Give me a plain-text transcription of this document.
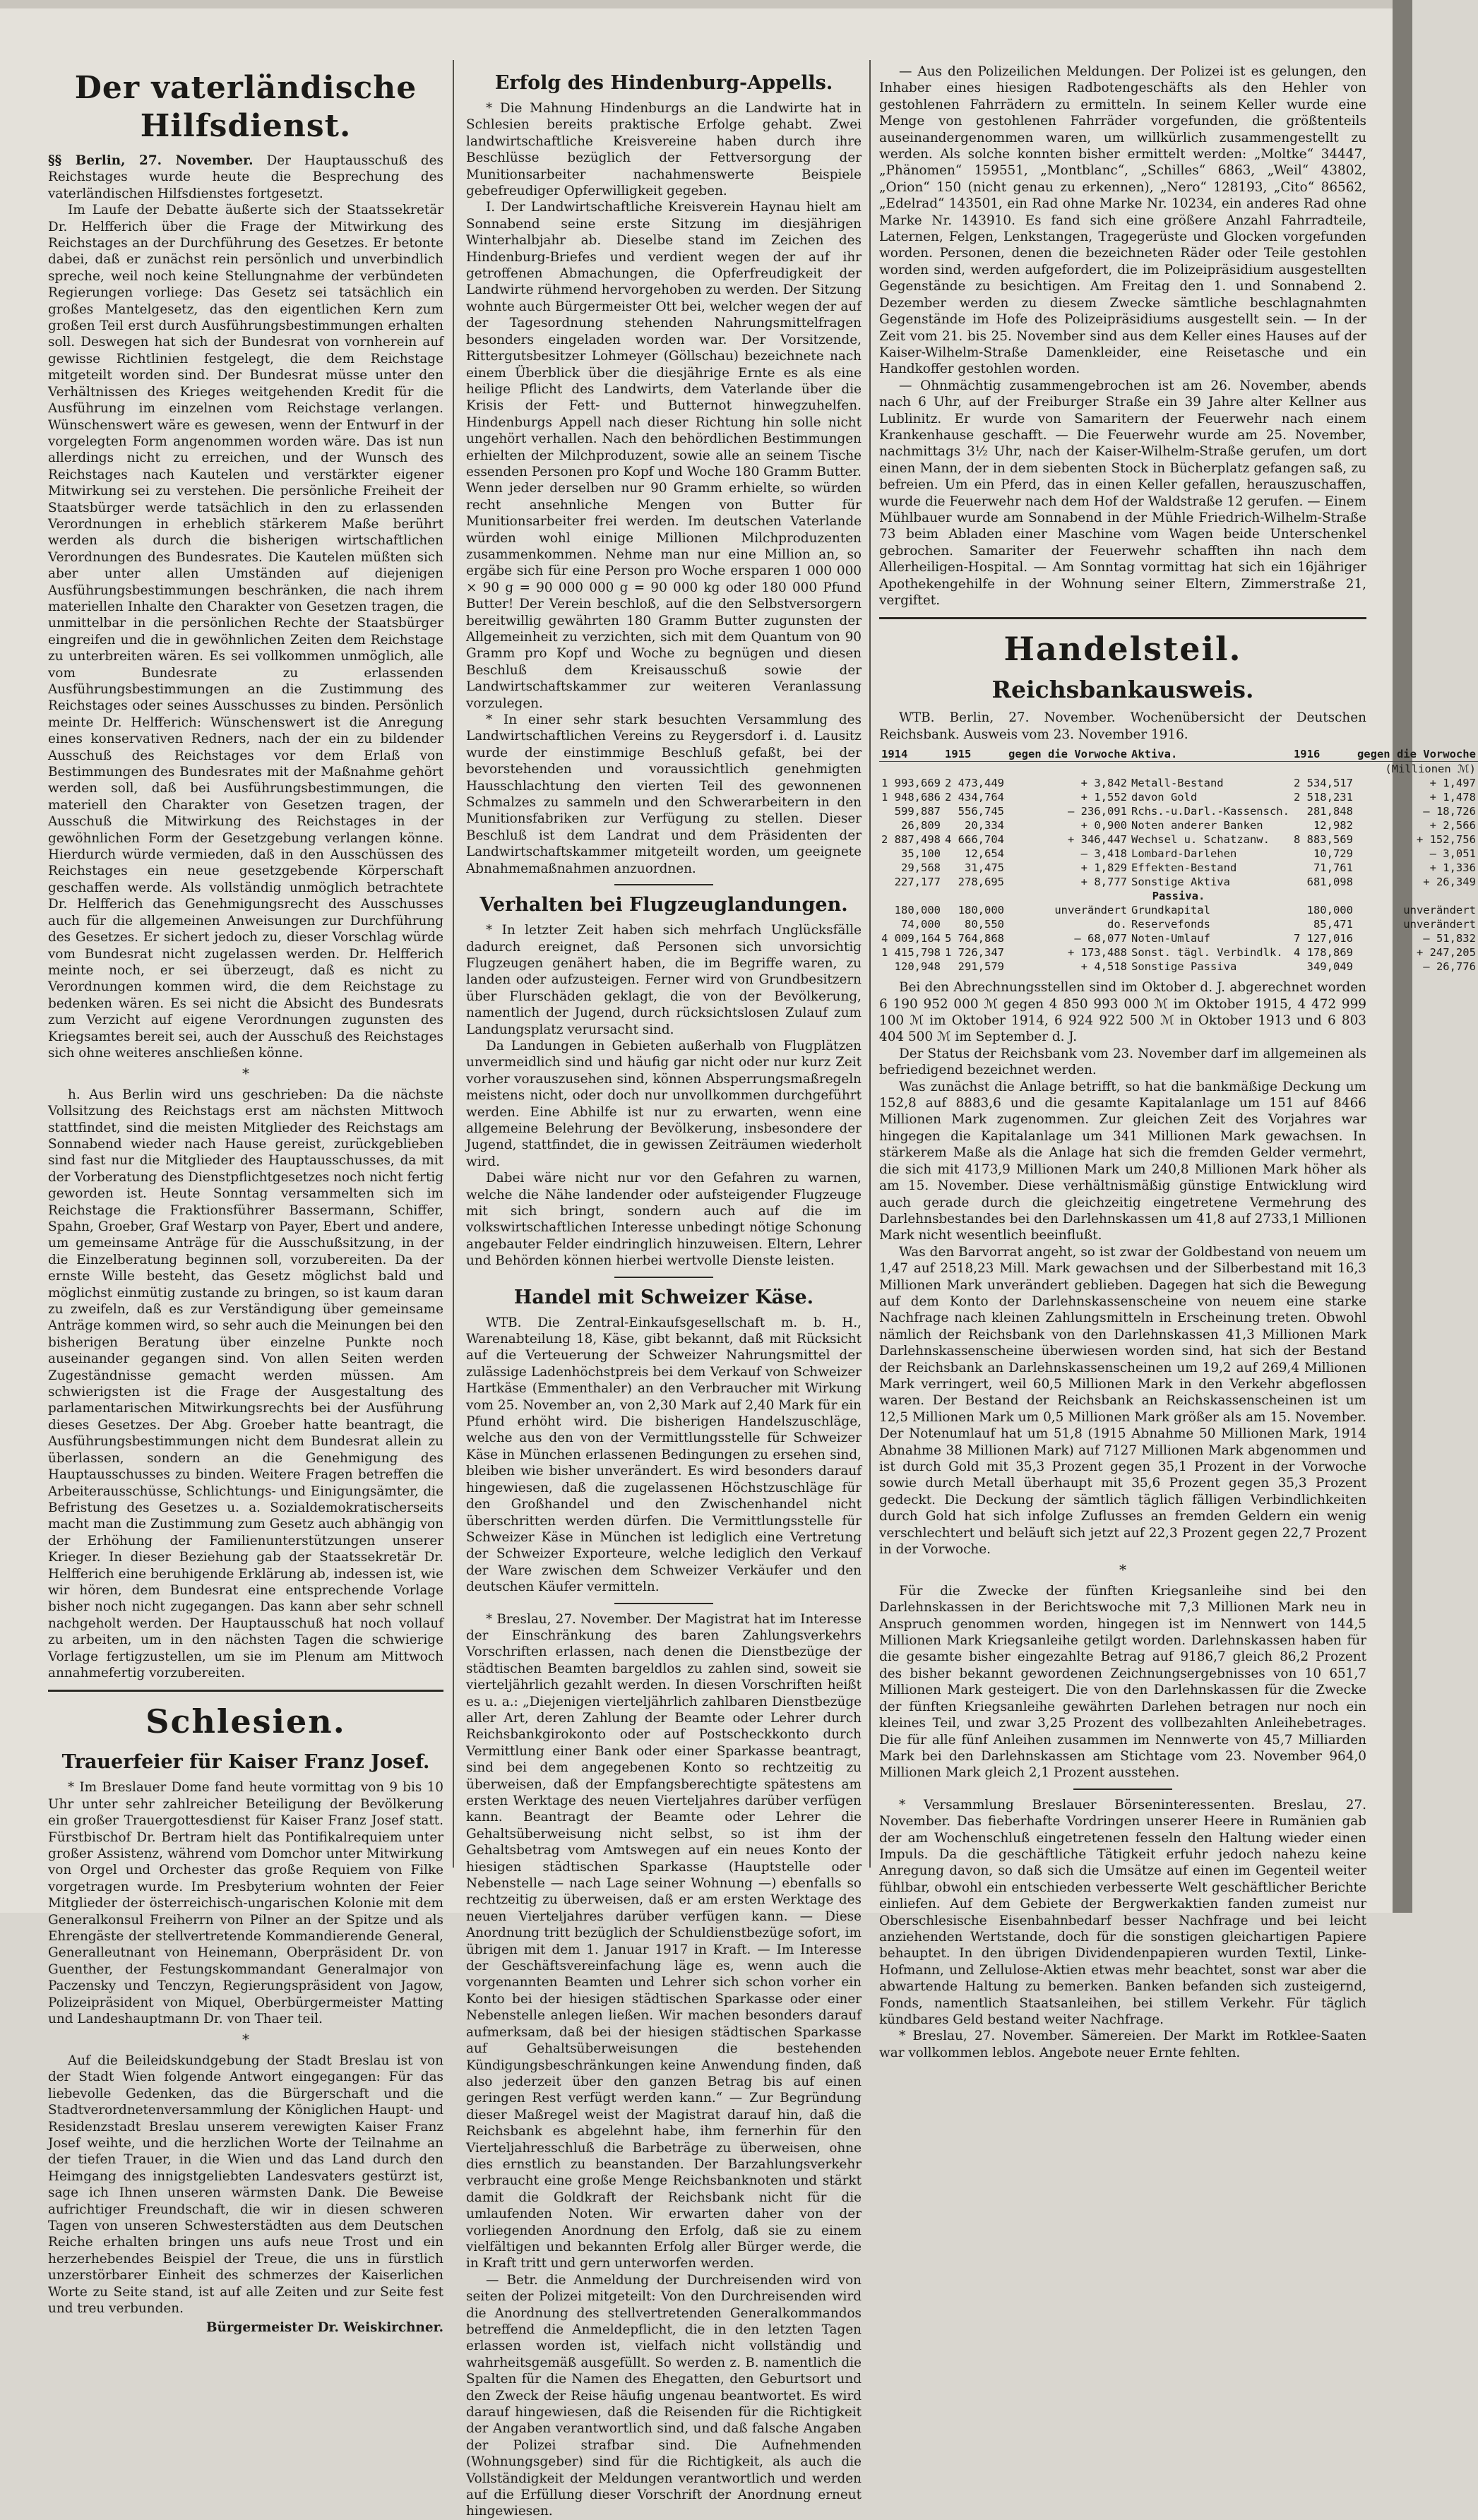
Der vaterländische Hilfsdienst.

§§ Berlin, 27. November. Der Hauptausschuß des Reichstages wurde heute die Besprechung des vaterländischen Hilfsdienstes fortgesetzt.

Im Laufe der Debatte äußerte sich der Staatssekretär Dr. Helfferich über die Frage der Mitwirkung des Reichstages an der Durchführung des Gesetzes. Er betonte dabei, daß er zunächst rein persönlich und unverbindlich spreche, weil noch keine Stellungnahme der verbündeten Regierungen vorliege: Das Gesetz sei tatsächlich ein großes Mantelgesetz, das den eigentlichen Kern zum großen Teil erst durch Ausführungsbestimmungen erhalten soll. Deswegen hat sich der Bundesrat von vornherein auf gewisse Richtlinien festgelegt, die dem Reichstage mitgeteilt worden sind. Der Bundesrat müsse unter den Verhältnissen des Krieges weitgehenden Kredit für die Ausführung im einzelnen vom Reichstage verlangen. Wünschenswert wäre es gewesen, wenn der Entwurf in der vorgelegten Form angenommen worden wäre. Das ist nun allerdings nicht zu erreichen, und der Wunsch des Reichstages nach Kautelen und verstärkter eigener Mitwirkung sei zu verstehen. Die persönliche Freiheit der Staatsbürger werde tatsächlich in den zu erlassenden Verordnungen in erheblich stärkerem Maße berührt werden als durch die bisherigen wirtschaftlichen Verordnungen des Bundesrates. Die Kautelen müßten sich aber unter allen Umständen auf diejenigen Ausführungsbestimmungen beschränken, die nach ihrem materiellen Inhalte den Charakter von Gesetzen tragen, die unmittelbar in die persönlichen Rechte der Staatsbürger eingreifen und die in gewöhnlichen Zeiten dem Reichstage zu unterbreiten wären. Es sei vollkommen unmöglich, alle vom Bundesrate zu erlassenden Ausführungsbestimmungen an die Zustimmung des Reichstages oder seines Ausschusses zu binden. Persönlich meinte Dr. Helfferich: Wünschenswert ist die Anregung eines konservativen Redners, nach der ein zu bildender Ausschuß des Reichstages vor dem Erlaß von Bestimmungen des Bundesrates mit der Maßnahme gehört werden soll, daß bei Ausführungsbestimmungen, die materiell den Charakter von Gesetzen tragen, der Ausschuß die Mitwirkung des Reichstages in der gewöhnlichen Form der Gesetzgebung verlangen könne. Hierdurch würde vermieden, daß in den Ausschüssen des Reichstages ein neue gesetzgebende Körperschaft geschaffen werde. Als vollständig unmöglich betrachtete Dr. Helfferich das Genehmigungsrecht des Ausschusses auch für die allgemeinen Anweisungen zur Durchführung des Gesetzes. Er sichert jedoch zu, dieser Vorschlag würde vom Bundesrat nicht zugelassen werden. Dr. Helfferich meinte noch, er sei überzeugt, daß es nicht zu Verordnungen kommen wird, die dem Reichstage zu bedenken wären. Es sei nicht die Absicht des Bundesrats zum Verzicht auf eigene Verordnungen zugunsten des Kriegsamtes bereit sei, auch der Ausschuß des Reichstages sich ohne weiteres anschließen könne.

*

h. Aus Berlin wird uns geschrieben: Da die nächste Vollsitzung des Reichstags erst am nächsten Mittwoch stattfindet, sind die meisten Mitglieder des Reichstags am Sonnabend wieder nach Hause gereist, zurückgeblieben sind fast nur die Mitglieder des Hauptausschusses, da mit der Vorberatung des Dienstpflichtgesetzes noch nicht fertig geworden ist. Heute Sonntag versammelten sich im Reichstage die Fraktionsführer Bassermann, Schiffer, Spahn, Groeber, Graf Westarp von Payer, Ebert und andere, um gemeinsame Anträge für die Ausschußsitzung, in der die Einzelberatung beginnen soll, vorzubereiten. Da der ernste Wille besteht, das Gesetz möglichst bald und möglichst einmütig zustande zu bringen, so ist kaum daran zu zweifeln, daß es zur Verständigung über gemeinsame Anträge kommen wird, so sehr auch die Meinungen bei den bisherigen Beratung über einzelne Punkte noch auseinander gegangen sind. Von allen Seiten werden Zugeständnisse gemacht werden müssen. Am schwierigsten ist die Frage der Ausgestaltung des parlamentarischen Mitwirkungsrechts bei der Ausführung dieses Gesetzes. Der Abg. Groeber hatte beantragt, die Ausführungsbestimmungen nicht dem Bundesrat allein zu überlassen, sondern an die Genehmigung des Hauptausschusses zu binden. Weitere Fragen betreffen die Arbeiterausschüsse, Schlichtungs- und Einigungsämter, die Befristung des Gesetzes u. a. Sozialdemokratischerseits macht man die Zustimmung zum Gesetz auch abhängig von der Erhöhung der Familienunterstützungen unserer Krieger. In dieser Beziehung gab der Staatssekretär Dr. Helfferich eine beruhigende Erklärung ab, indessen ist, wie wir hören, dem Bundesrat eine entsprechende Vorlage bisher noch nicht zugegangen. Das kann aber sehr schnell nachgeholt werden. Der Hauptausschuß hat noch vollauf zu arbeiten, um in den nächsten Tagen die schwierige Vorlage fertigzustellen, um sie im Plenum am Mittwoch annahmefertig vorzubereiten.

Schlesien.
Trauerfeier für Kaiser Franz Josef.

* Im Breslauer Dome fand heute vormittag von 9 bis 10 Uhr unter sehr zahlreicher Beteiligung der Bevölkerung ein großer Trauergottesdienst für Kaiser Franz Josef statt. Fürstbischof Dr. Bertram hielt das Pontifikalrequiem unter großer Assistenz, während vom Domchor unter Mitwirkung von Orgel und Orchester das große Requiem von Filke vorgetragen wurde. Im Presbyterium wohnten der Feier Mitglieder der österreichisch-ungarischen Kolonie mit dem Generalkonsul Freiherrn von Pilner an der Spitze und als Ehrengäste der stellvertretende Kommandierende General, Generalleutnant von Heinemann, Oberpräsident Dr. von Guenther, der Festungskommandant Generalmajor von Paczensky und Tenczyn, Regierungspräsident von Jagow, Polizeipräsident von Miquel, Oberbürgermeister Matting und Landeshauptmann Dr. von Thaer teil.

*

Auf die Beileidskundgebung der Stadt Breslau ist von der Stadt Wien folgende Antwort eingegangen: Für das liebevolle Gedenken, das die Bürgerschaft und die Stadtverordnetenversammlung der Königlichen Haupt- und Residenzstadt Breslau unserem verewigten Kaiser Franz Josef weihte, und die herzlichen Worte der Teilnahme an der tiefen Trauer, in die Wien und das Land durch den Heimgang des innigstgeliebten Landesvaters gestürzt ist, sage ich Ihnen unseren wärmsten Dank. Die Beweise aufrichtiger Freundschaft, die wir in diesen schweren Tagen von unseren Schwesterstädten aus dem Deutschen Reiche erhalten bringen uns aufs neue Trost und ein herzerhebendes Beispiel der Treue, die uns in fürstlich unzerstörbarer Einheit des schmerzes der Kaiserlichen Worte zu Seite stand, ist auf alle Zeiten und zur Seite fest und treu verbunden.

Bürgermeister Dr. Weiskirchner.
Erfolg des Hindenburg-Appells.

* Die Mahnung Hindenburgs an die Landwirte hat in Schlesien bereits praktische Erfolge gehabt. Zwei landwirtschaftliche Kreisvereine haben durch ihre Beschlüsse bezüglich der Fettversorgung der Munitionsarbeiter nachahmenswerte Beispiele gebefreudiger Opferwilligkeit gegeben.

I. Der Landwirtschaftliche Kreisverein Haynau hielt am Sonnabend seine erste Sitzung im diesjährigen Winterhalbjahr ab. Dieselbe stand im Zeichen des Hindenburg-Briefes und verdient wegen der auf ihr getroffenen Abmachungen, die Opferfreudigkeit der Landwirte rühmend hervorgehoben zu werden. Der Sitzung wohnte auch Bürgermeister Ott bei, welcher wegen der auf der Tagesordnung stehenden Nahrungsmittelfragen besonders eingeladen worden war. Der Vorsitzende, Rittergutsbesitzer Lohmeyer (Göllschau) bezeichnete nach einem Überblick über die diesjährige Ernte es als eine heilige Pflicht des Landwirts, dem Vaterlande über die Krisis der Fett- und Butternot hinwegzuhelfen. Hindenburgs Appell nach dieser Richtung hin solle nicht ungehört verhallen. Nach den behördlichen Bestimmungen erhielten der Milchproduzent, sowie alle an seinem Tische essenden Personen pro Kopf und Woche 180 Gramm Butter. Wenn jeder derselben nur 90 Gramm erhielte, so würden recht ansehnliche Mengen von Butter für Munitionsarbeiter frei werden. Im deutschen Vaterlande würden wohl einige Millionen Milchproduzenten zusammenkommen. Nehme man nur eine Million an, so ergäbe sich für eine Person pro Woche ersparen 1 000 000 × 90 g = 90 000 000 g = 90 000 kg oder 180 000 Pfund Butter! Der Verein beschloß, auf die den Selbstversorgern bereitwillig gewährten 180 Gramm Butter zugunsten der Allgemeinheit zu verzichten, sich mit dem Quantum von 90 Gramm pro Kopf und Woche zu begnügen und diesen Beschluß dem Kreisausschuß sowie der Landwirtschaftskammer zur weiteren Veranlassung vorzulegen.

* In einer sehr stark besuchten Versammlung des Landwirtschaftlichen Vereins zu Reygersdorf i. d. Lausitz wurde der einstimmige Beschluß gefaßt, bei der bevorstehenden und voraussichtlich genehmigten Hausschlachtung den vierten Teil des gewonnenen Schmalzes zu sammeln und den Schwerarbeitern in den Munitionsfabriken zur Verfügung zu stellen. Dieser Beschluß ist dem Landrat und dem Präsidenten der Landwirtschaftskammer mitgeteilt worden, um geeignete Abnahmemaßnahmen anzuordnen.

Verhalten bei Flugzeuglandungen.

* In letzter Zeit haben sich mehrfach Unglücksfälle dadurch ereignet, daß Personen sich unvorsichtig Flugzeugen genähert haben, die im Begriffe waren, zu landen oder aufzusteigen. Ferner wird von Grundbesitzern über Flurschäden geklagt, die von der Bevölkerung, namentlich der Jugend, durch rücksichtslosen Zulauf zum Landungsplatz verursacht sind.

Da Landungen in Gebieten außerhalb von Flugplätzen unvermeidlich sind und häufig gar nicht oder nur kurz Zeit vorher vorauszusehen sind, können Absperrungsmaßregeln meistens nicht, oder doch nur unvollkommen durchgeführt werden. Eine Abhilfe ist nur zu erwarten, wenn eine allgemeine Belehrung der Bevölkerung, insbesondere der Jugend, stattfindet, die in gewissen Zeiträumen wiederholt wird.

Dabei wäre nicht nur vor den Gefahren zu warnen, welche die Nähe landender oder aufsteigender Flugzeuge mit sich bringt, sondern auch auf die im volkswirtschaftlichen Interesse unbedingt nötige Schonung angebauter Felder eindringlich hinzuweisen. Eltern, Lehrer und Behörden können hierbei wertvolle Dienste leisten.

Handel mit Schweizer Käse.

WTB. Die Zentral-Einkaufsgesellschaft m. b. H., Warenabteilung 18, Käse, gibt bekannt, daß mit Rücksicht auf die Verteuerung der Schweizer Nahrungsmittel der zulässige Ladenhöchstpreis bei dem Verkauf von Schweizer Hartkäse (Emmenthaler) an den Verbraucher mit Wirkung vom 25. November an, von 2,30 Mark auf 2,40 Mark für ein Pfund erhöht wird. Die bisherigen Handelszuschläge, welche aus den von der Vermittlungsstelle für Schweizer Käse in München erlassenen Bedingungen zu ersehen sind, bleiben wie bisher unverändert. Es wird besonders darauf hingewiesen, daß die zugelassenen Höchstzuschläge für den Großhandel und den Zwischenhandel nicht überschritten werden dürfen. Die Vermittlungsstelle für Schweizer Käse in München ist lediglich eine Vertretung der Schweizer Exporteure, welche lediglich den Verkauf der Ware zwischen dem Schweizer Verkäufer und den deutschen Käufer vermitteln.

* Breslau, 27. November. Der Magistrat hat im Interesse der Einschränkung des baren Zahlungsverkehrs Vorschriften erlassen, nach denen die Dienstbezüge der städtischen Beamten bargeldlos zu zahlen sind, soweit sie vierteljährlich gezahlt werden. In diesen Vorschriften heißt es u. a.: „Diejenigen vierteljährlich zahlbaren Dienstbezüge aller Art, deren Zahlung der Beamte oder Lehrer durch Reichsbankgirokonto oder auf Postscheckkonto durch Vermittlung einer Bank oder einer Sparkasse beantragt, sind bei dem angegebenen Konto so rechtzeitig zu überweisen, daß der Empfangsberechtigte spätestens am ersten Werktage des neuen Vierteljahres darüber verfügen kann. Beantragt der Beamte oder Lehrer die Gehaltsüberweisung nicht selbst, so ist ihm der Gehaltsbetrag vom Amtswegen auf ein neues Konto der hiesigen städtischen Sparkasse (Hauptstelle oder Nebenstelle — nach Lage seiner Wohnung —) ebenfalls so rechtzeitig zu überweisen, daß er am ersten Werktage des neuen Vierteljahres darüber verfügen kann. — Diese Anordnung tritt bezüglich der Schuldienstbezüge sofort, im übrigen mit dem 1. Januar 1917 in Kraft. — Im Interesse der Geschäftsvereinfachung läge es, wenn auch die vorgenannten Beamten und Lehrer sich schon vorher ein Konto bei der hiesigen städtischen Sparkasse oder einer Nebenstelle anlegen ließen. Wir machen besonders darauf aufmerksam, daß bei der hiesigen städtischen Sparkasse auf Gehaltsüberweisungen die bestehenden Kündigungsbeschränkungen keine Anwendung finden, daß also jederzeit über den ganzen Betrag bis auf einen geringen Rest verfügt werden kann.“ — Zur Begründung dieser Maßregel weist der Magistrat darauf hin, daß die Reichsbank es abgelehnt habe, ihm fernerhin für den Vierteljahresschluß die Barbeträge zu überweisen, ohne dies ernstlich zu beanstanden. Der Barzahlungsverkehr verbraucht eine große Menge Reichsbanknoten und stärkt damit die Goldkraft der Reichsbank nicht für die umlaufenden Noten. Wir erwarten daher von der vorliegenden Anordnung den Erfolg, daß sie zu einem vielfältigen und bekannten Erfolg aller Bürger werde, die in Kraft tritt und gern unterworfen werden.

— Betr. die Anmeldung der Durchreisenden wird von seiten der Polizei mitgeteilt: Von den Durchreisenden wird die Anordnung des stellvertretenden Generalkommandos betreffend die Anmeldepflicht, die in den letzten Tagen erlassen worden ist, vielfach nicht vollständig und wahrheitsgemäß ausgefüllt. So werden z. B. namentlich die Spalten für die Namen des Ehegatten, den Geburtsort und den Zweck der Reise häufig ungenau beantwortet. Es wird darauf hingewiesen, daß die Reisenden für die Richtigkeit der Angaben verantwortlich sind, und daß falsche Angaben der Polizei strafbar sind. Die Aufnehmenden (Wohnungsgeber) sind für die Richtigkeit, als auch die Vollständigkeit der Meldungen verantwortlich und werden auf die Erfüllung dieser Vorschrift der Anordnung erneut hingewiesen.

— Aus den Polizeilichen Meldungen. Der Polizei ist es gelungen, den Inhaber eines hiesigen Radbotengeschäfts als den Hehler von gestohlenen Fahrrädern zu ermitteln. In seinem Keller wurde eine Menge von gestohlenen Fahrräder vorgefunden, die größtenteils auseinandergenommen waren, um willkürlich zusammengestellt zu werden. Als solche konnten bisher ermittelt werden: „Moltke“ 34447, „Phänomen“ 159551, „Montblanc“, „Schilles“ 6863, „Weil“ 43802, „Orion“ 150 (nicht genau zu erkennen), „Nero“ 128193, „Cito“ 86562, „Edelrad“ 143501, ein Rad ohne Marke Nr. 10234, ein anderes Rad ohne Marke Nr. 143910. Es fand sich eine größere Anzahl Fahrradteile, Laternen, Felgen, Lenkstangen, Tragegerüste und Glocken vorgefunden worden. Personen, denen die bezeichneten Räder oder Teile gestohlen worden sind, werden aufgefordert, die im Polizeipräsidium ausgestellten Gegenstände zu besichtigen. Am Freitag den 1. und Sonnabend 2. Dezember werden zu diesem Zwecke sämtliche beschlagnahmten Gegenstände im Hofe des Polizeipräsidiums ausgestellt sein. — In der Zeit vom 21. bis 25. November sind aus dem Keller eines Hauses auf der Kaiser-Wilhelm-Straße Damenkleider, eine Reisetasche und ein Handkoffer gestohlen worden.

— Ohnmächtig zusammengebrochen ist am 26. November, abends nach 6 Uhr, auf der Freiburger Straße ein 39 Jahre alter Kellner aus Lublinitz. Er wurde von Samaritern der Feuerwehr nach einem Krankenhause geschafft. — Die Feuerwehr wurde am 25. November, nachmittags 3½ Uhr, nach der Kaiser-Wilhelm-Straße gerufen, um dort einen Mann, der in dem siebenten Stock in Bücherplatz gefangen saß, zu befreien. Um ein Pferd, das in einen Keller gefallen, herauszuschaffen, wurde die Feuerwehr nach dem Hof der Waldstraße 12 gerufen. — Einem Mühlbauer wurde am Sonnabend in der Mühle Friedrich-Wilhelm-Straße 73 beim Abladen einer Maschine vom Wagen beide Unterschenkel gebrochen. Samariter der Feuerwehr schafften ihn nach dem Allerheiligen-Hospital. — Am Sonntag vormittag hat sich ein 16jähriger Apothekengehilfe in der Wohnung seiner Eltern, Zimmerstraße 21, vergiftet.

Handelsteil.
Reichsbankausweis.

WTB. Berlin, 27. November. Wochenübersicht der Deutschen Reichsbank. Ausweis vom 23. November 1916.

1914	1915	gegen die Vorwoche	Aktiva.	1916	gegen die Vorwoche
(Millionen ℳ)					
1 993,669	2 473,449	+ 3,842	Metall-Bestand	2 534,517	+ 1,497
1 948,686	2 434,764	+ 1,552	davon Gold	2 518,231	+ 1,478
599,887	556,745	— 236,091	Rchs.-u.Darl.-Kassensch.	281,848	— 18,726
26,809	20,334	+ 0,900	Noten anderer Banken	12,982	+ 2,566
2 887,498	4 666,704	+ 346,447	Wechsel u. Schatzanw.	8 883,569	+ 152,756
35,100	12,654	— 3,418	Lombard-Darlehen	10,729	— 3,051
29,568	31,475	+ 1,829	Effekten-Bestand	71,761	+ 1,336
227,177	278,695	+ 8,777	Sonstige Aktiva	681,098	+ 26,349
Passiva.					
180,000	180,000	unverändert	Grundkapital	180,000	unverändert
74,000	80,550	do.	Reservefonds	85,471	unverändert
4 009,164	5 764,868	— 68,077	Noten-Umlauf	7 127,016	— 51,832
1 415,798	1 726,347	+ 173,488	Sonst. tägl. Verbindlk.	4 178,869	+ 247,205
120,948	291,579	+ 4,518	Sonstige Passiva	349,049	— 26,776

Bei den Abrechnungsstellen sind im Oktober d. J. abgerechnet worden 6 190 952 000 ℳ gegen 4 850 993 000 ℳ im Oktober 1915, 4 472 999 100 ℳ im Oktober 1914, 6 924 922 500 ℳ in Oktober 1913 und 6 803 404 500 ℳ im September d. J.

Der Status der Reichsbank vom 23. November darf im allgemeinen als befriedigend bezeichnet werden.

Was zunächst die Anlage betrifft, so hat die bankmäßige Deckung um 152,8 auf 8883,6 und die gesamte Kapitalanlage um 151 auf 8466 Millionen Mark zugenommen. Zur gleichen Zeit des Vorjahres war hingegen die Kapitalanlage um 341 Millionen Mark gewachsen. In stärkerem Maße als die Anlage hat sich die fremden Gelder vermehrt, die sich mit 4173,9 Millionen Mark um 240,8 Millionen Mark höher als am 15. November. Diese verhältnismäßig günstige Entwicklung wird auch gerade durch die gleichzeitig eingetretene Vermehrung des Darlehnsbestandes bei den Darlehnskassen um 41,8 auf 2733,1 Millionen Mark nicht wesentlich beeinflußt.

Was den Barvorrat angeht, so ist zwar der Goldbestand von neuem um 1,47 auf 2518,23 Mill. Mark gewachsen und der Silberbestand mit 16,3 Millionen Mark unverändert geblieben. Dagegen hat sich die Bewegung auf dem Konto der Darlehnskassenscheine von neuem eine starke Nachfrage nach kleinen Zahlungsmitteln in Erscheinung treten. Obwohl nämlich der Reichsbank von den Darlehnskassen 41,3 Millionen Mark Darlehnskassenscheine überwiesen worden sind, hat sich der Bestand der Reichsbank an Darlehnskassenscheinen um 19,2 auf 269,4 Millionen Mark verringert, weil 60,5 Millionen Mark in den Verkehr abgeflossen waren. Der Bestand der Reichsbank an Reichskassenscheinen ist um 12,5 Millionen Mark um 0,5 Millionen Mark größer als am 15. November. Der Notenumlauf hat um 51,8 (1915 Abnahme 50 Millionen Mark, 1914 Abnahme 38 Millionen Mark) auf 7127 Millionen Mark abgenommen und ist durch Gold mit 35,3 Prozent gegen 35,1 Prozent in der Vorwoche sowie durch Metall überhaupt mit 35,6 Prozent gegen 35,3 Prozent gedeckt. Die Deckung der sämtlich täglich fälligen Verbindlichkeiten durch Gold hat sich infolge Zuflusses an fremden Geldern ein wenig verschlechtert und beläuft sich jetzt auf 22,3 Prozent gegen 22,7 Prozent in der Vorwoche.

*

Für die Zwecke der fünften Kriegsanleihe sind bei den Darlehnskassen in der Berichtswoche mit 7,3 Millionen Mark neu in Anspruch genommen worden, hingegen ist im Nennwert von 144,5 Millionen Mark Kriegsanleihe getilgt worden. Darlehnskassen haben für die gesamte bisher eingezahlte Betrag auf 9186,7 gleich 86,2 Prozent des bisher bekannt gewordenen Zeichnungsergebnisses von 10 651,7 Millionen Mark gesteigert. Die von den Darlehnskassen für die Zwecke der fünften Kriegsanleihe gewährten Darlehen betragen nur noch ein kleines Teil, und zwar 3,25 Prozent des vollbezahlten Anleihebetrages. Die für alle fünf Anleihen zusammen im Nennwerte von 45,7 Milliarden Mark bei den Darlehnskassen am Stichtage vom 23. November 964,0 Millionen Mark gleich 2,1 Prozent ausstehen.

* Versammlung Breslauer Börseninteressenten. Breslau, 27. November. Das fieberhafte Vordringen unserer Heere in Rumänien gab der am Wochenschluß eingetretenen fesseln den Haltung wieder einen Impuls. Da die geschäftliche Tätigkeit erfuhr jedoch nahezu keine Anregung davon, so daß sich die Umsätze auf einen im Gegenteil weiter fühlbar, obwohl ein entschieden verbesserte Welt geschäftlicher Berichte einliefen. Auf dem Gebiete der Bergwerkaktien fanden zumeist nur Oberschlesische Eisenbahnbedarf besser Nachfrage und bei leicht anziehenden Wertstande, doch für die sonstigen gleichartigen Papiere behauptet. In den übrigen Dividendenpapieren wurden Textil, Linke-Hofmann, und Zellulose-Aktien etwas mehr beachtet, sonst war aber die abwartende Haltung zu bemerken. Banken befanden sich zusteigernd, Fonds, namentlich Staatsanleihen, bei stillem Verkehr. Für täglich kündbares Geld bestand weiter Nachfrage.

* Breslau, 27. November. Sämereien. Der Markt im Rotklee-Saaten war vollkommen leblos. Angebote neuer Ernte fehlten.
